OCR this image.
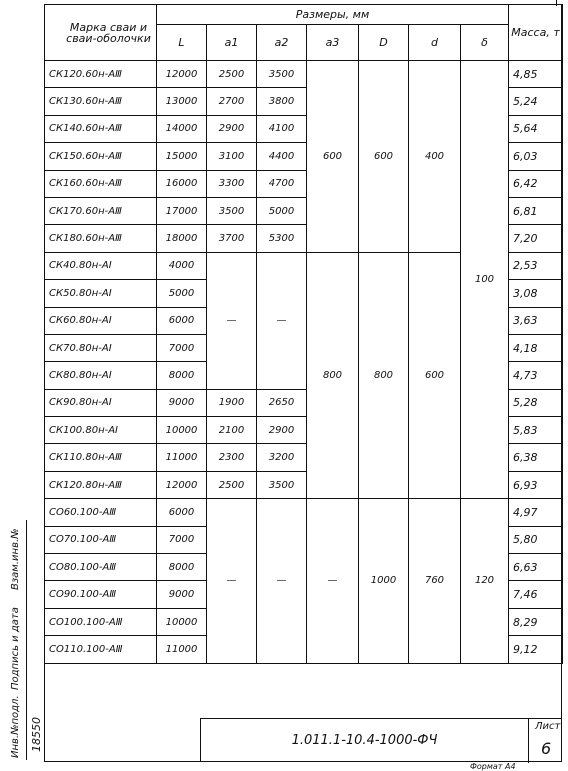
Марка сваи и сваи-оболочки	Размеры, мм							Масса, т
	L	a1	a2	a3	D	d	δ	
СК120.60н-АⅢ	12000	2500	3500	600	600	400	100	4,85
СК130.60н-АⅢ	13000	2700	3800					5,24
СК140.60н-АⅢ	14000	2900	4100					5,64
СК150.60н-АⅢ	15000	3100	4400					6,03
СК160.60н-АⅢ	16000	3300	4700					6,42
СК170.60н-АⅢ	17000	3500	5000					6,81
СК180.60н-АⅢ	18000	3700	5300					7,20
СК40.80н-АⅠ	4000	—	—	800	800	600		2,53
СК50.80н-АⅠ	5000							3,08
СК60.80н-АⅠ	6000							3,63
СК70.80н-АⅠ	7000							4,18
СК80.80н-АⅠ	8000							4,73
СК90.80н-АⅠ	9000	1900	2650					5,28
СК100.80н-АⅠ	10000	2100	2900					5,83
СК110.80н-АⅢ	11000	2300	3200					6,38
СК120.80н-АⅢ	12000	2500	3500					6,93
СО60.100-АⅢ	6000	—	—	—	1000	760	120	4,97
СО70.100-АⅢ	7000							5,80
СО80.100-АⅢ	8000							6,63
СО90.100-АⅢ	9000							7,46
СО100.100-АⅢ	10000							8,29
СО110.100-АⅢ	11000							9,12
Инв.№подл.
Подпись и дата
Взам.инв.№
18550	1.011.1-10.4-1000-ФЧ
Лист
6
Формат А4
